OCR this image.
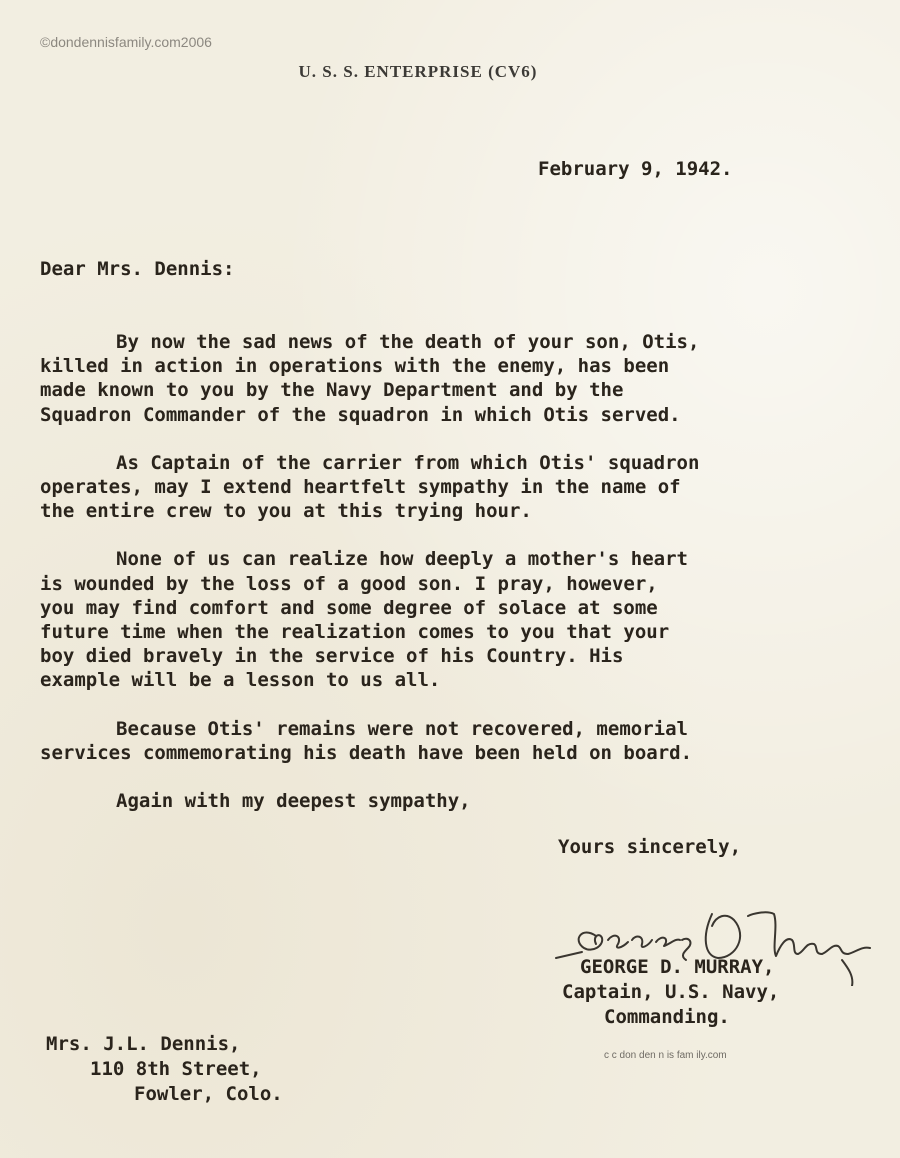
©dondennisfamily.com2006
U. S. S. ENTERPRISE (CV6)
February 9, 1942.
Dear Mrs. Dennis:

By now the sad news of the death of your son, Otis,
killed in action in operations with the enemy, has been
made known to you by the Navy Department and by the
Squadron Commander of the squadron in which Otis served.

As Captain of the carrier from which Otis' squadron
operates, may I extend heartfelt sympathy in the name of
the entire crew to you at this trying hour.

None of us can realize how deeply a mother's heart
is wounded by the loss of a good son. I pray, however,
you may find comfort and some degree of solace at some
future time when the realization comes to you that your
boy died bravely in the service of his Country. His
example will be a lesson to us all.

Because Otis' remains were not recovered, memorial
services commemorating his death have been held on board.

Again with my deepest sympathy,
Yours sincerely,
GEORGE D. MURRAY,
Captain, U.S. Navy,
Commanding.
c c don den n is fam ily.com
Mrs. J.L. Dennis,
110 8th Street,
Fowler, Colo.
